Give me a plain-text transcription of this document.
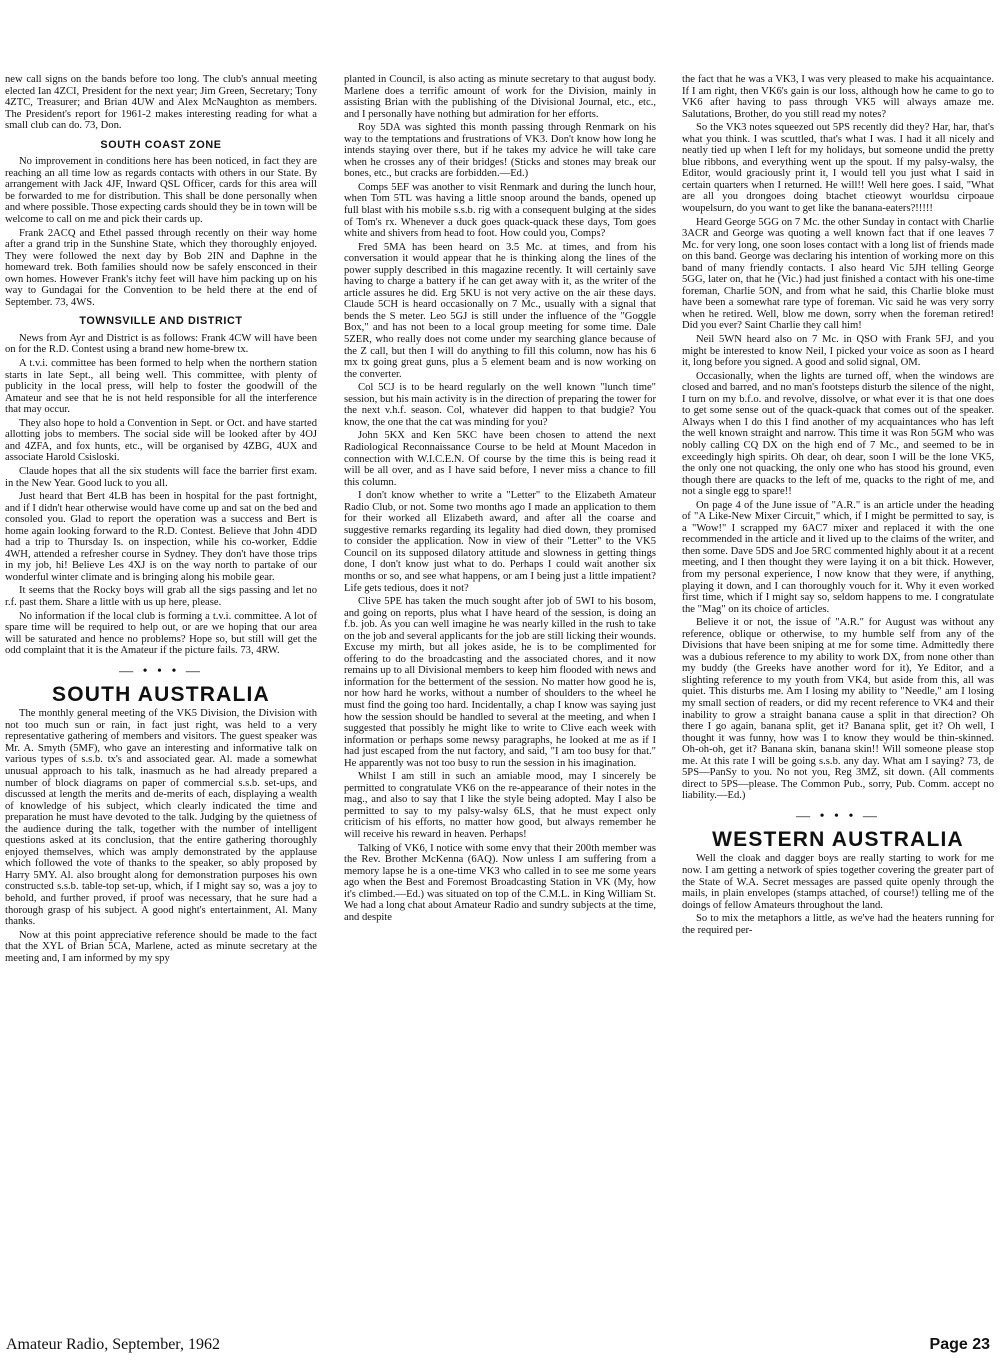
new call signs on the bands before too long. The club's annual meeting elected Ian 4ZCI, President for the next year; Jim Green, Secretary; Tony 4ZTC, Treasurer; and Brian 4UW and Alex McNaughton as members. The President's report for 1961-2 makes interesting reading for what a small club can do. 73, Don.

SOUTH COAST ZONE

No improvement in conditions here has been noticed, in fact they are reaching an all time low as regards contacts with others in our State. By arrangement with Jack 4JF, Inward QSL Officer, cards for this area will be forwarded to me for distribution. This shall be done personally when and where possible. Those expecting cards should they be in town will be welcome to call on me and pick their cards up.

Frank 2ACQ and Ethel passed through recently on their way home after a grand trip in the Sunshine State, which they thoroughly enjoyed. They were followed the next day by Bob 2IN and Daphne in the homeward trek. Both families should now be safely ensconced in their own homes. However Frank's itchy feet will have him packing up on his way to Gundagai for the Convention to be held there at the end of September. 73, 4WS.

TOWNSVILLE AND DISTRICT

News from Ayr and District is as follows: Frank 4CW will have been on for the R.D. Contest using a brand new home-brew tx.

A t.v.i. committee has been formed to help when the northern station starts in late Sept., all being well. This committee, with plenty of publicity in the local press, will help to foster the goodwill of the Amateur and see that he is not held responsible for all the interference that may occur.

They also hope to hold a Convention in Sept. or Oct. and have started allotting jobs to members. The social side will be looked after by 4OJ and 4ZFA, and fox hunts, etc., will be organised by 4ZBG, 4UX and associate Harold Csisloski.

Claude hopes that all the six students will face the barrier first exam. in the New Year. Good luck to you all.

Just heard that Bert 4LB has been in hospital for the past fortnight, and if I didn't hear otherwise would have come up and sat on the bed and consoled you. Glad to report the operation was a success and Bert is home again looking forward to the R.D. Contest. Believe that John 4DD had a trip to Thursday Is. on inspection, while his co-worker, Eddie 4WH, attended a refresher course in Sydney. They don't have those trips in my job, hi! Believe Les 4XJ is on the way north to partake of our wonderful winter climate and is bringing along his mobile gear.

It seems that the Rocky boys will grab all the sigs passing and let no r.f. past them. Share a little with us up here, please.

No information if the local club is forming a t.v.i. committee. A lot of spare time will be required to help out, or are we hoping that our area will be saturated and hence no problems? Hope so, but still will get the odd complaint that it is the Amateur if the picture fails. 73, 4RW.

— • • • —
SOUTH AUSTRALIA

The monthly general meeting of the VK5 Division, the Division with not too much sun or rain, in fact just right, was held to a very representative gathering of members and visitors. The guest speaker was Mr. A. Smyth (5MF), who gave an interesting and informative talk on various types of s.s.b. tx's and associated gear. Al. made a somewhat unusual approach to his talk, inasmuch as he had already prepared a number of block diagrams on paper of commercial s.s.b. set-ups, and discussed at length the merits and de-merits of each, displaying a wealth of knowledge of his subject, which clearly indicated the time and preparation he must have devoted to the talk. Judging by the quietness of the audience during the talk, together with the number of intelligent questions asked at its conclusion, that the entire gathering thoroughly enjoyed themselves, which was amply demonstrated by the applause which followed the vote of thanks to the speaker, so ably proposed by Harry 5MY. Al. also brought along for demonstration purposes his own constructed s.s.b. table-top set-up, which, if I might say so, was a joy to behold, and further proved, if proof was necessary, that he sure had a thorough grasp of his subject. A good night's entertainment, Al. Many thanks.

Now at this point appreciative reference should be made to the fact that the XYL of Brian 5CA, Marlene, acted as minute secretary at the meeting and, I am informed by my spy

planted in Council, is also acting as minute secretary to that august body. Marlene does a terrific amount of work for the Division, mainly in assisting Brian with the publishing of the Divisional Journal, etc., etc., and I personally have nothing but admiration for her efforts.

Roy 5DA was sighted this month passing through Renmark on his way to the temptations and frustrations of VK3. Don't know how long he intends staying over there, but if he takes my advice he will take care when he crosses any of their bridges! (Sticks and stones may break our bones, etc., but cracks are forbidden.—Ed.)

Comps 5EF was another to visit Renmark and during the lunch hour, when Tom 5TL was having a little snoop around the bands, opened up full blast with his mobile s.s.b. rig with a consequent bulging at the sides of Tom's rx. Whenever a duck goes quack-quack these days, Tom goes white and shivers from head to foot. How could you, Comps?

Fred 5MA has been heard on 3.5 Mc. at times, and from his conversation it would appear that he is thinking along the lines of the power supply described in this magazine recently. It will certainly save having to charge a battery if he can get away with it, as the writer of the article assures he did. Erg 5KU is not very active on the air these days. Claude 5CH is heard occasionally on 7 Mc., usually with a signal that bends the S meter. Leo 5GJ is still under the influence of the "Goggle Box," and has not been to a local group meeting for some time. Dale 5ZER, who really does not come under my searching glance because of the Z call, but then I will do anything to fill this column, now has his 6 mx tx going great guns, plus a 5 element beam and is now working on the converter.

Col 5CJ is to be heard regularly on the well known "lunch time" session, but his main activity is in the direction of preparing the tower for the next v.h.f. season. Col, whatever did happen to that budgie? You know, the one that the cat was minding for you?

John 5KX and Ken 5KC have been chosen to attend the next Radiological Reconnaissance Course to be held at Mount Macedon in connection with W.I.C.E.N. Of course by the time this is being read it will be all over, and as I have said before, I never miss a chance to fill this column.

I don't know whether to write a "Letter" to the Elizabeth Amateur Radio Club, or not. Some two months ago I made an application to them for their worked all Elizabeth award, and after all the coarse and suggestive remarks regarding its legality had died down, they promised to consider the application. Now in view of their "Letter" to the VK5 Council on its supposed dilatory attitude and slowness in getting things done, I don't know just what to do. Perhaps I could wait another six months or so, and see what happens, or am I being just a little impatient? Life gets tedious, does it not?

Clive 5PE has taken the much sought after job of 5WI to his bosom, and going on reports, plus what I have heard of the session, is doing an f.b. job. As you can well imagine he was nearly killed in the rush to take on the job and several applicants for the job are still licking their wounds. Excuse my mirth, but all jokes aside, he is to be complimented for offering to do the broadcasting and the associated chores, and it now remains up to all Divisional members to keep him flooded with news and information for the betterment of the session. No matter how good he is, nor how hard he works, without a number of shoulders to the wheel he must find the going too hard. Incidentally, a chap I know was saying just how the session should be handled to several at the meeting, and when I suggested that possibly he might like to write to Clive each week with information or perhaps some newsy paragraphs, he looked at me as if I had just escaped from the nut factory, and said, "I am too busy for that." He apparently was not too busy to run the session in his imagination.

Whilst I am still in such an amiable mood, may I sincerely be permitted to congratulate VK6 on the re-appearance of their notes in the mag., and also to say that I like the style being adopted. May I also be permitted to say to my palsy-walsy 6LS, that he must expect only criticism of his efforts, no matter how good, but always remember he will receive his reward in heaven. Perhaps!

Talking of VK6, I notice with some envy that their 200th member was the Rev. Brother McKenna (6AQ). Now unless I am suffering from a memory lapse he is a one-time VK3 who called in to see me some years ago when the Best and Foremost Broadcasting Station in VK (My, how it's climbed.—Ed.) was situated on top of the C.M.L. in King William St. We had a long chat about Amateur Radio and sundry subjects at the time, and despite

the fact that he was a VK3, I was very pleased to make his acquaintance. If I am right, then VK6's gain is our loss, although how he came to go to VK6 after having to pass through VK5 will always amaze me. Salutations, Brother, do you still read my notes?

So the VK3 notes squeezed out 5PS recently did they? Har, har, that's what you think. I was scuttled, that's what I was. I had it all nicely and neatly tied up when I left for my holidays, but someone undid the pretty blue ribbons, and everything went up the spout. If my palsy-walsy, the Editor, would graciously print it, I would tell you just what I said in certain quarters when I returned. He will!! Well here goes. I said, "What are all you drongoes doing btachet ctieowyt wourldsu cirpoaue woupelsurn, do you want to get like the banana-eaters?!!!!!

Heard George 5GG on 7 Mc. the other Sunday in contact with Charlie 3ACR and George was quoting a well known fact that if one leaves 7 Mc. for very long, one soon loses contact with a long list of friends made on this band. George was declaring his intention of working more on this band of many friendly contacts. I also heard Vic 5JH telling George 5GG, later on, that he (Vic.) had just finished a contact with his one-time foreman, Charlie 5ON, and from what he said, this Charlie bloke must have been a somewhat rare type of foreman. Vic said he was very sorry when he retired. Well, blow me down, sorry when the foreman retired! Did you ever? Saint Charlie they call him!

Neil 5WN heard also on 7 Mc. in QSO with Frank 5FJ, and you might be interested to know Neil, I picked your voice as soon as I heard it, long before you signed. A good and solid signal, OM.

Occasionally, when the lights are turned off, when the windows are closed and barred, and no man's footsteps disturb the silence of the night, I turn on my b.f.o. and revolve, dissolve, or what ever it is that one does to get some sense out of the quack-quack that comes out of the speaker. Always when I do this I find another of my acquaintances who has left the well known straight and narrow. This time it was Ron 5GM who was nobly calling CQ DX on the high end of 7 Mc., and seemed to be in exceedingly high spirits. Oh dear, oh dear, soon I will be the lone VK5, the only one not quacking, the only one who has stood his ground, even though there are quacks to the left of me, quacks to the right of me, and not a single egg to spare!!

On page 4 of the June issue of "A.R." is an article under the heading of "A Like-New Mixer Circuit," which, if I might be permitted to say, is a "Wow!" I scrapped my 6AC7 mixer and replaced it with the one recommended in the article and it lived up to the claims of the writer, and then some. Dave 5DS and Joe 5RC commented highly about it at a recent meeting, and I then thought they were laying it on a bit thick. However, from my personal experience, I now know that they were, if anything, playing it down, and I can thoroughly vouch for it. Why it even worked first time, which if I might say so, seldom happens to me. I congratulate the "Mag" on its choice of articles.

Believe it or not, the issue of "A.R." for August was without any reference, oblique or otherwise, to my humble self from any of the Divisions that have been sniping at me for some time. Admittedly there was a dubious reference to my ability to work DX, from none other than my buddy (the Greeks have another word for it), Ye Editor, and a slighting reference to my youth from VK4, but aside from this, all was quiet. This disturbs me. Am I losing my ability to "Needle," am I losing my small section of readers, or did my recent reference to VK4 and their inability to grow a straight banana cause a split in that direction? Oh there I go again, banana split, get it? Banana split, get it? Oh well, I thought it was funny, how was I to know they would be thin-skinned. Oh-oh-oh, get it? Banana skin, banana skin!! Will someone please stop me. At this rate I will be going s.s.b. any day. What am I saying? 73, de 5PS—PanSy to you. No not you, Reg 3MZ, sit down. (All comments direct to 5PS—please. The Common Pub., sorry, Pub. Comm. accept no liability.—Ed.)

— • • • —
WESTERN AUSTRALIA

Well the cloak and dagger boys are really starting to work for me now. I am getting a network of spies together covering the greater part of the State of W.A. Secret messages are passed quite openly through the mails, in plain envelopes (stamps attached, of course!) telling me of the doings of fellow Amateurs throughout the land.

So to mix the metaphors a little, as we've had the heaters running for the required per-

Amateur Radio, September, 1962	Page 23
